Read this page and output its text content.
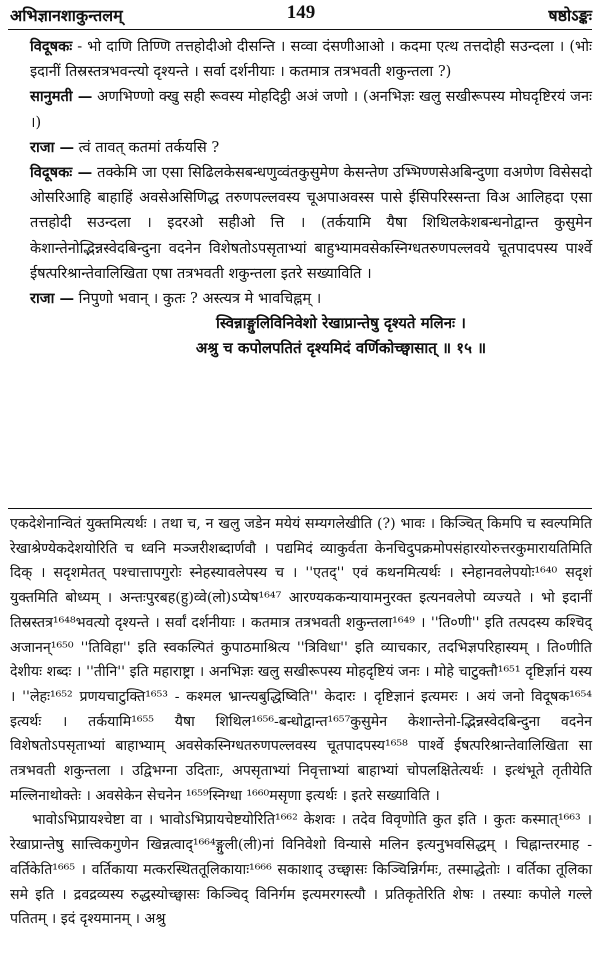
अभिज्ञानशाकुन्तलम्	149	षष्ठोऽङ्कः

विदूषकः - भो दाणि तिण्णि तत्तहोदीओ दीसन्ति । सव्वा दंसणीआओ । कदमा एत्थ तत्तदोही सउन्दला । (भोः इदानीं तिस्रस्तत्रभवन्त्यो दृश्यन्ते । सर्वा दर्शनीयाः । कतमात्र तत्रभवती शकुन्तला ?)

सानुमती — अणभिण्णो क्खु सही रूवस्य मोहदिट्ठी अअं जणो । (अनभिज्ञः खलु सखीरूपस्य मोघदृष्टिरयं जनः ।)

राजा — त्वं तावत् कतमां तर्कयसि ?

विदूषकः — तक्केमि जा एसा सिढिलकेसबन्धणुव्वंतकुसुमेण केसन्तेण उभ्भिण्णसेअबिन्दुणा वअणेण विसेसदो ओसरिआहि बाहाहिं अवसेअसिणिद्ध तरुणपल्लवस्य चूअपाअवस्स पासे ईसिपरिस्सन्ता विअ आलिहदा एसा तत्तहोदी सउन्दला । इदरओ सहीओ त्ति । (तर्कयामि यैषा शिथिलकेशबन्धनोद्वान्त कुसुमेन केशान्तेनोद्भिन्नस्वेदबिन्दुना वदनेन विशेषतोऽपसृताभ्यां बाहुभ्यामवसेकस्निग्धतरुणपल्लवये चूतपादपस्य पार्श्वे ईषत्परिश्रान्तेवालिखिता एषा तत्रभवती शकुन्तला इतरे सख्याविति ।

राजा — निपुणो भवान् । कुतः ? अस्त्यत्र मे भावचिह्नम् ।

स्विन्नाङ्गुलिविनिवेशो रेखाप्रान्तेषु दृश्यते मलिनः ।
अश्रु च कपोलपतितं दृश्यमिदं वर्णिकोच्छ्वासात् ॥ १५ ॥

एकदेशेनान्वितं युक्तमित्यर्थः । तथा च, न खलु जडेन मयेयं सम्यगलेखीति (?) भावः । किञ्चित् किमपि च स्वल्पमिति रेखाश्रेण्येकदेशयोरिति च ध्वनि मञ्जरीशब्दार्णवौ । पद्यमिदं व्याकुर्वता केनचिदुपक्रमोपसंहारयोरुत्तरकुमारायतिमिति दिक् । सदृशमेतत् पश्चात्तापगुरोः स्नेहस्यावलेपस्य च । ''एतद्'' एवं कथनमित्यर्थः । स्नेहानवलेपयोः¹⁶⁴⁰ सदृशं युक्तमिति बोध्यम् । अन्तःपुरबह(हु)व्वे(लो)ऽप्येष¹⁶⁴⁷ आरण्यककन्यायामनुरक्त इत्यनवलेपो व्यज्यते । भो इदानीं तिस्रस्तत्र¹⁶⁴⁸भवत्यो दृश्यन्ते । सर्वां दर्शनीयाः । कतमात्र तत्रभवती शकुन्तला¹⁶⁴⁹ । ''ति०णी'' इति तत्पदस्य कश्चिद् अजानन्¹⁶⁵⁰ ''तिविहा'' इति स्वकल्पितं कुपाठमाश्रित्य ''त्रिविधा'' इति व्याचकार, तदभिज्ञपरिहास्यम् । ति०णीति देशीयः शब्दः । ''तीनि'' इति महाराष्ट्रा । अनभिज्ञः खलु सखीरूपस्य मोहदृष्टियं जनः । मोहे चाटुक्तौ¹⁶⁵¹ दृष्टिर्ज्ञानं यस्य । ''लेहः¹⁶⁵² प्रणयचाटुक्ति¹⁶⁵³ - कश्मल भ्रान्त्यबुद्धिष्विति'' केदारः । दृष्टिज्ञानं इत्यमरः । अयं जनो विदूषक¹⁶⁵⁴ इत्यर्थः । तर्कयामि¹⁶⁵⁵ यैषा शिथिल¹⁶⁵⁶-बन्धोद्वान्त¹⁶⁵⁷कुसुमेन केशान्तेनो-द्भिन्नस्वेदबिन्दुना वदनेन विशेषतोऽपसृताभ्यां बाहाभ्याम् अवसेकस्निग्धतरुणपल्लवस्य चूतपादपस्य¹⁶⁵⁸ पार्श्वे ईषत्परिश्रान्तेवालिखिता सा तत्रभवती शकुन्तला । उद्विभग्ना उदिताः, अपसृताभ्यां निवृत्ताभ्यां बाहाभ्यां चोपलक्षितेत्यर्थः । इत्थंभूते तृतीयेति मल्लिनाथोक्तेः । अवसेकेन सेचनेन ¹⁶⁵⁹स्निग्धा ¹⁶⁶⁰मसृणा इत्यर्थः । इतरे सख्याविति ।

भावोऽभिप्रायश्चेष्टा वा । भावोऽभिप्रायचेष्टयोरिति¹⁶⁶² केशवः । तदेव विवृणोति कुत इति । कुतः कस्मात्¹⁶⁶³ । रेखाप्रान्तेषु सात्त्विकगुणेन खिन्नत्वाद्¹⁶⁶⁴ङ्गुली(ली)नां विनिवेशो विन्यासे मलिन इत्यनुभवसिद्धम् । चिह्नान्तरमाह - वर्तिकेति¹⁶⁶⁵ । वर्तिकाया मत्करस्थिततूलिकायाः¹⁶⁶⁶ सकाशाद् उच्छ्वासः किञ्चिन्निर्गमः, तस्माद्धेतोः । वर्तिका तूलिका समे इति । द्रवद्रव्यस्य रुद्धस्योच्छ्वासः किञ्चिद् विनिर्गम इत्यमरगस्त्यौ । प्रतिकृतेरिति शेषः । तस्याः कपोले गल्ले पतितम् । इदं दृश्यमानम् । अश्रु
